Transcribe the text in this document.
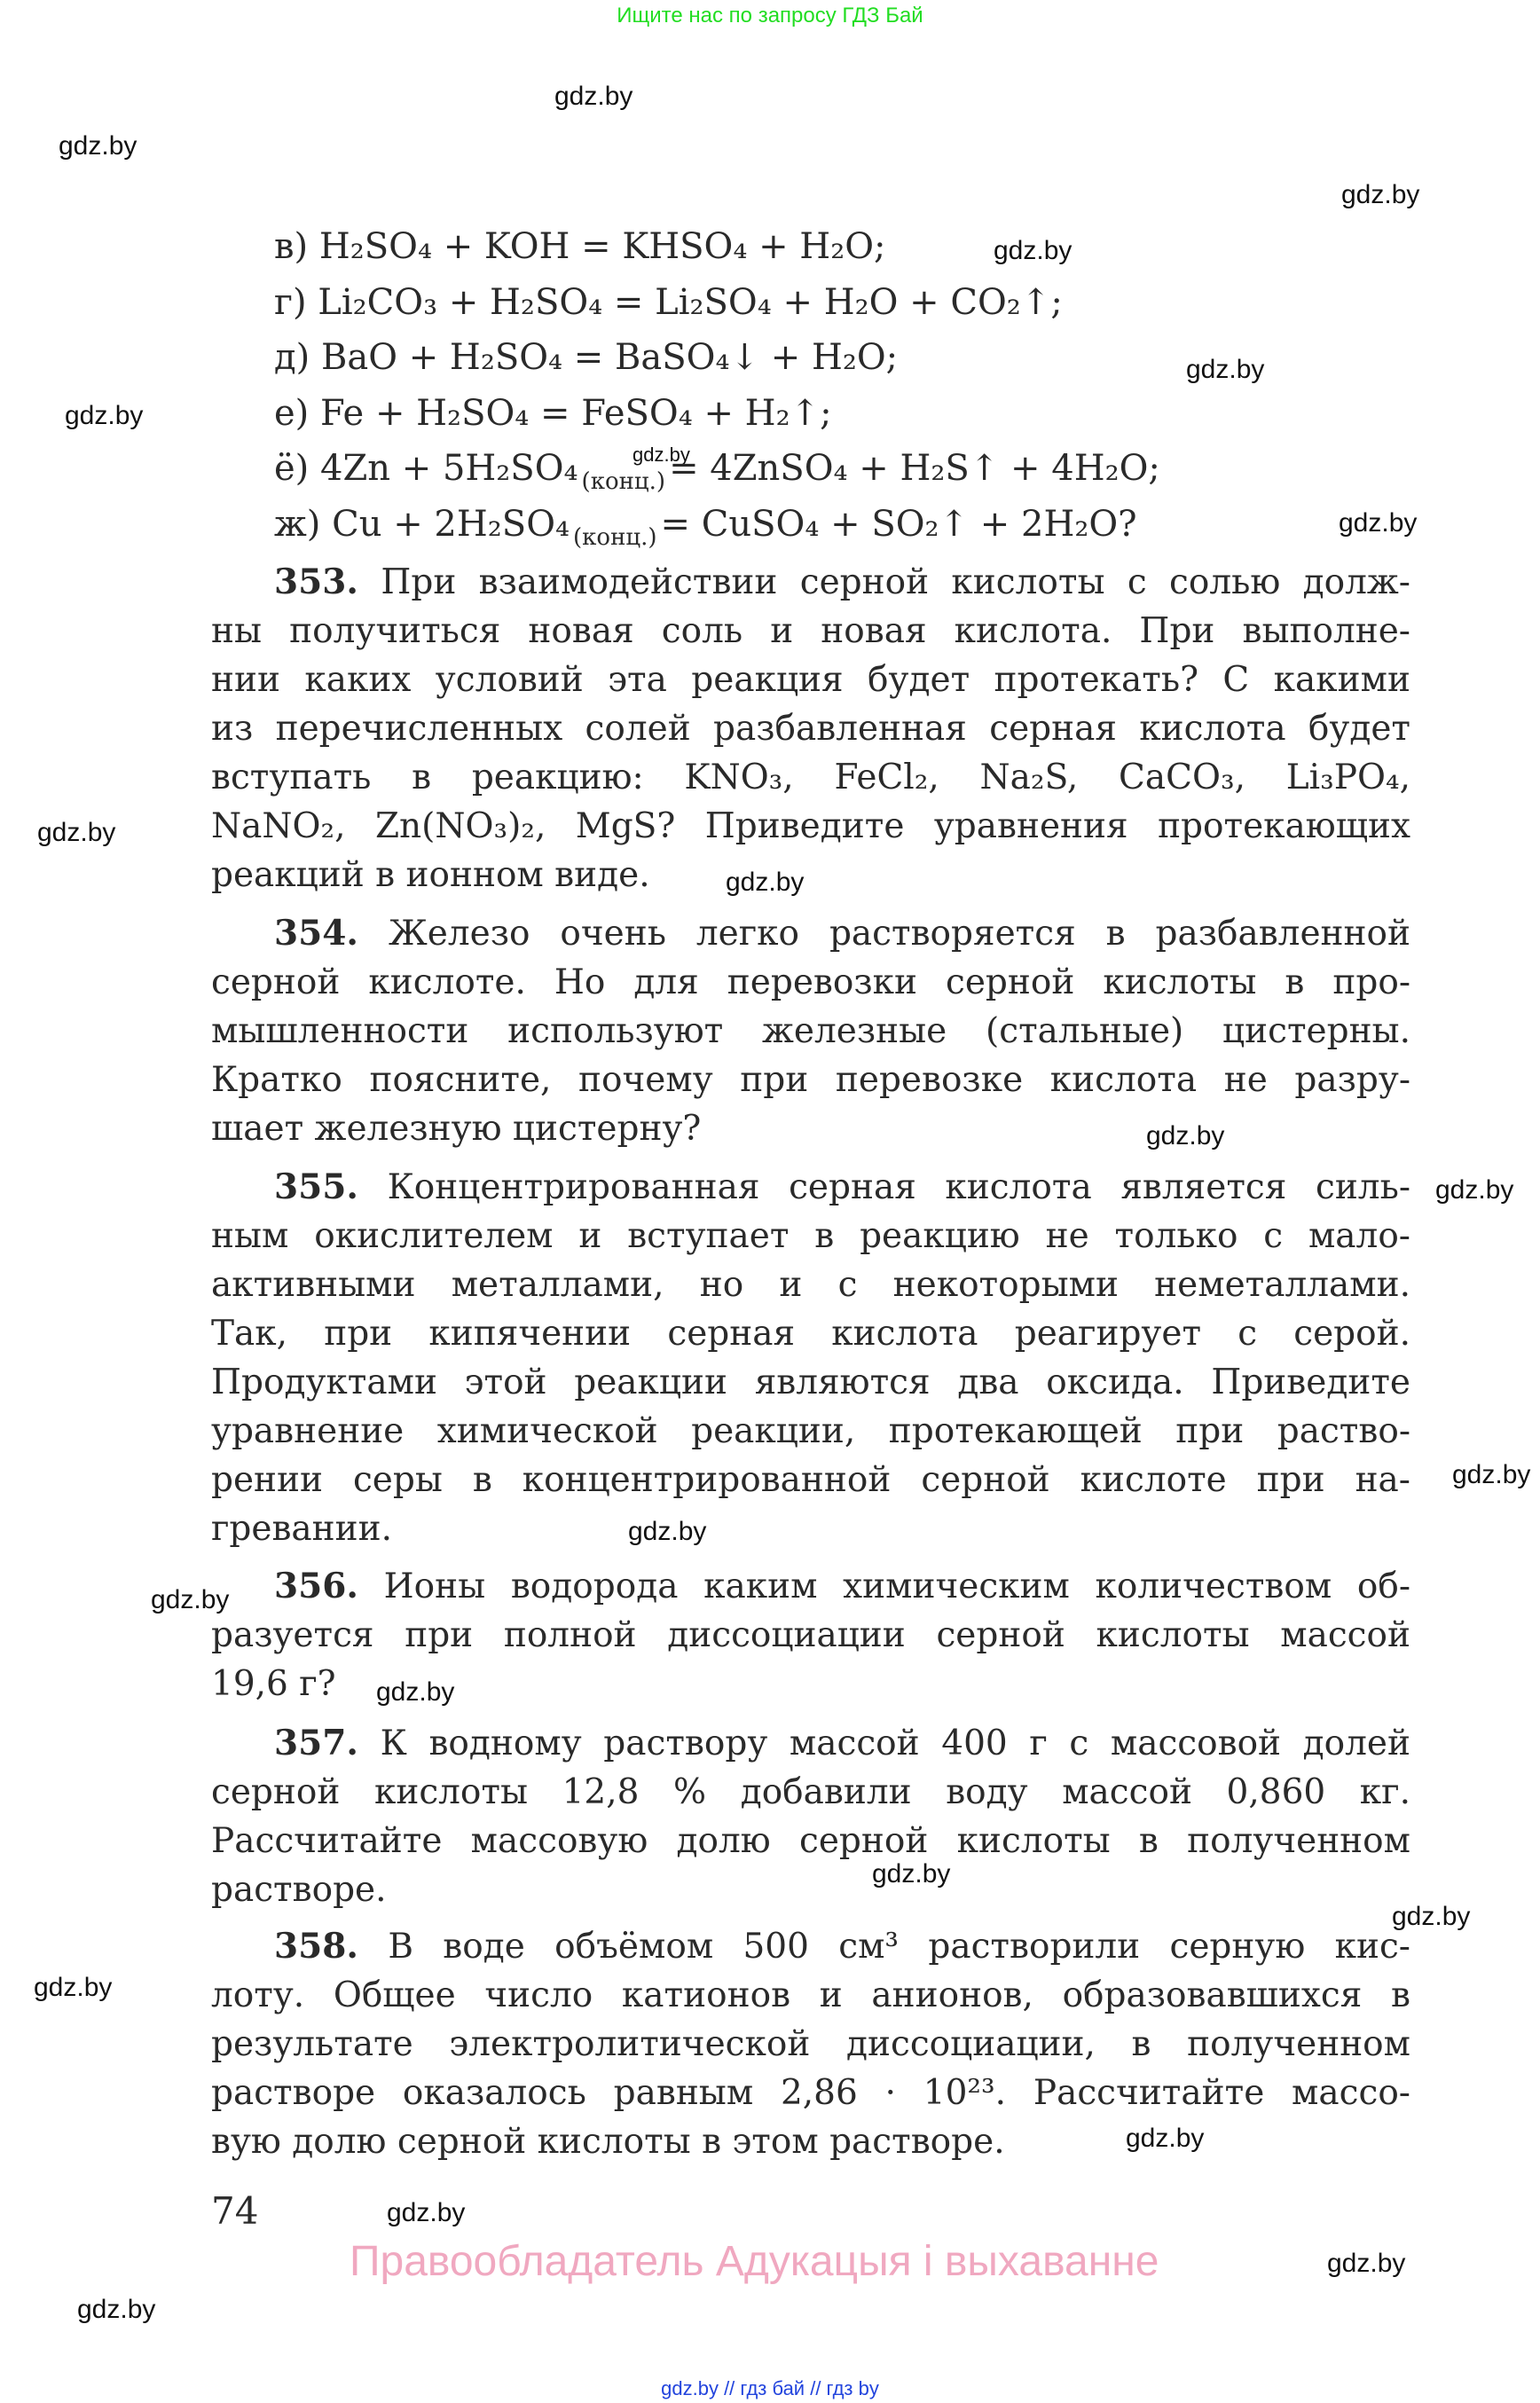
Ищите нас по запросу ГДЗ Бай
gdz.by
gdz.by
gdz.by
gdz.by
gdz.by
gdz.by
gdz.by
gdz.by
gdz.by
gdz.by
gdz.by
gdz.by
gdz.by
gdz.by
gdz.by
gdz.by
gdz.by
gdz.by
gdz.by
gdz.by
gdz.by
gdz.by
gdz.by
в) H₂SO₄ + KOH = KHSO₄ + H₂O;
г) Li₂CO₃ + H₂SO₄ = Li₂SO₄ + H₂O + CO₂↑;
д) BaO + H₂SO₄ = BaSO₄↓ + H₂O;
е) Fe + H₂SO₄ = FeSO₄ + H₂↑;
ё) 4Zn + 5H₂SO₄ $_{(конц.)}$ = 4ZnSO₄ + H₂S↑ + 4H₂O;
ж) Cu + 2H₂SO₄ $_{(конц.)}$ = CuSO₄ + SO₂↑ + 2H₂O?
353. При взаимодействии серной кислоты с солью долж-
ны получиться новая соль и новая кислота. При выполне-
нии каких условий эта реакция будет протекать? С какими
из перечисленных солей разбавленная серная кислота будет
вступать в реакцию: KNO₃, FeCl₂, Na₂S, CaCO₃, Li₃PO₄,
NaNO₂, Zn(NO₃)₂, MgS? Приведите уравнения протекающих
реакций в ионном виде.
354. Железо очень легко растворяется в разбавленной
серной кислоте. Но для перевозки серной кислоты в про-
мышленности используют железные (стальные) цистерны.
Кратко поясните, почему при перевозке кислота не разру-
шает железную цистерну?
355. Концентрированная серная кислота является силь-
ным окислителем и вступает в реакцию не только с мало-
активными металлами, но и с некоторыми неметаллами.
Так, при кипячении серная кислота реагирует с серой.
Продуктами этой реакции являются два оксида. Приведите
уравнение химической реакции, протекающей при раство-
рении серы в концентрированной серной кислоте при на-
гревании.
356. Ионы водорода каким химическим количеством об-
разуется при полной диссоциации серной кислоты массой
19,6 г?
357. К водному раствору массой 400 г с массовой долей
серной кислоты 12,8 % добавили воду массой 0,860 кг.
Рассчитайте массовую долю серной кислоты в полученном
растворе.
358. В воде объёмом 500 см³ растворили серную кис-
лоту. Общее число катионов и анионов, образовавшихся в
результате электролитической диссоциации, в полученном
растворе оказалось равным 2,86 · 10²³. Рассчитайте массо-
вую долю серной кислоты в этом растворе.
74
Правообладатель Адукацыя і выхаванне
gdz.by // гдз бай // гдз by
